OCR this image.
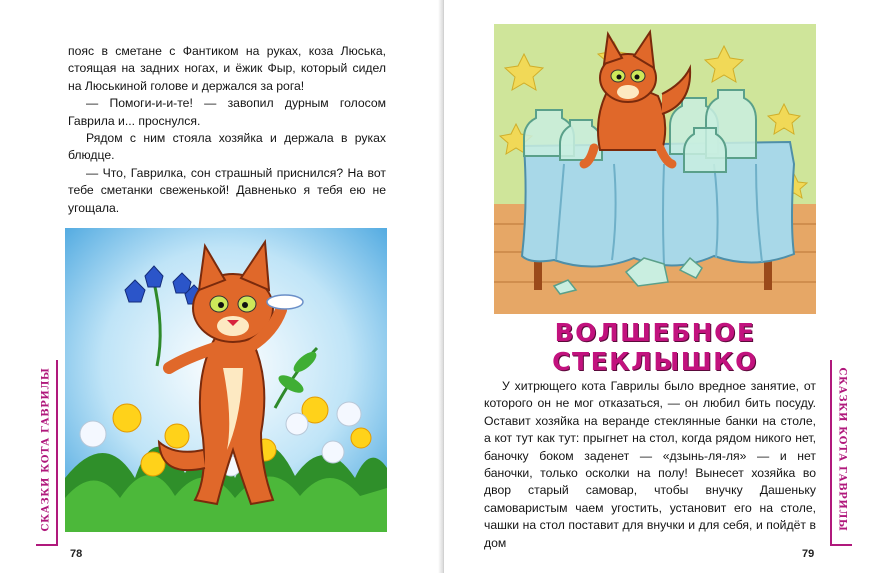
пояс в сметане с Фантиком на руках, коза Люська, стоящая на задних ногах, и ёжик Фыр, который сидел на Люськиной голове и держался за рога!

— Помоги-и-и-те! — завопил дурным голосом Гаврила и... проснулся.

Рядом с ним стояла хозяйка и держала в руках блюдце.

— Что, Гаврилка, сон страшный приснился? На вот тебе сметанки свеженькой! Давненько я тебя ею не угощала.

СКАЗКИ КОТА ГАВРИЛЫ
78
ВОЛШЕБНОЕ СТЕКЛЫШКО

У хитрющего кота Гаврилы было вредное занятие, от которого он не мог отказаться, — он любил бить посуду. Оставит хозяйка на веранде стеклянные банки на столе, а кот тут как тут: прыгнет на стол, когда рядом никого нет, баночку боком заденет — «дзынь-ля-ля» — и нет баночки, только осколки на полу! Вынесет хозяйка во двор старый самовар, чтобы внучку Дашеньку самоваристым чаем угостить, установит его на столе, чашки на стол поставит для внучки и для себя, и пойдёт в дом

СКАЗКИ КОТА ГАВРИЛЫ
79
